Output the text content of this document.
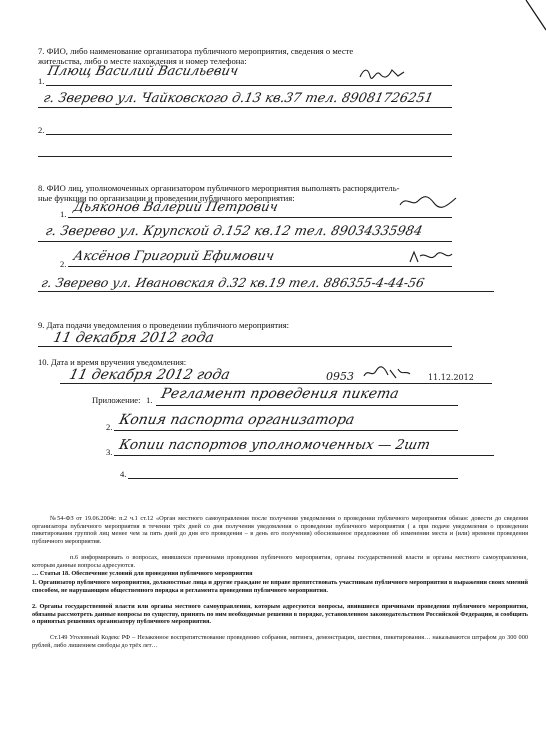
7. ФИО, либо наименование организатора публичного мероприятия, сведения о месте
жительства, либо о месте нахождения и номер телефона:
1.
Плющ Василий Васильевич
г. Зверево ул. Чайковского д.13 кв.37 тел. 89081726251
2.
8. ФИО лиц, уполномоченных организатором публичного мероприятия выполнять распорядитель-
ные функции по организации и проведении публичного мероприятия:
1. Дьяконов Валерий Петрович
г. Зверево ул. Крупской д.152 кв.12 тел. 89034335984
2. Аксёнов Григорий Ефимович
г. Зверево ул. Ивановская д.32 кв.19 тел. 886355-4-44-56
9. Дата подачи уведомления о проведении публичного мероприятия:
11 декабря 2012 года
10. Дата и время вручения уведомления:
11 декабря 2012 года	0953	11.12.2012
Приложение: 1. Регламент проведения пикета
2. Копия паспорта организатора
3. Копии паспортов уполномоченных — 2шт
4.
№54-ФЗ от 19.06.2004г. п.2 ч.1 ст.12 «Орган местного самоуправления после получения уведомления о проведении публичного мероприятия обязан: довести до сведения организатора публичного мероприятия в течении трёх дней со дня получения уведомления о проведении публичного мероприятия ( а при подаче уведомления о проведении пикетирования группой лиц менее чем за пять дней до дня его проведения – в день его получения) обоснованное предложение об изменении места и (или) времени проведения публичного мероприятия.
п.6 информировать о вопросах, явившихся причинами проведения публичного мероприятия, органы государственной власти и органы местного самоуправления, которым данные вопросы адресуются.
… Статья 18. Обеспечение условий для проведения публичного мероприятия
1. Организатор публичного мероприятия, должностные лица и другие граждане не вправе препятствовать участникам публичного мероприятия в выражении своих мнений способом, не нарушающим общественного порядка и регламента проведения публичного мероприятия.
2. Органы государственной власти или органы местного самоуправления, которым адресуются вопросы, явившиеся причинами проведения публичного мероприятия, обязаны рассмотреть данные вопросы по существу, принять по ним необходимые решения в порядке, установленном законодательством Российской Федерации, и сообщить о принятых решениях организатору публичного мероприятия.
Ст.149 Уголовный Кодекс РФ – Незаконное воспрепятствование проведению собрания, митинга, демонстрации, шествия, пикетирования… наказываются штрафом до 300 000 рублей, либо лишением свободы до трёх лет…
